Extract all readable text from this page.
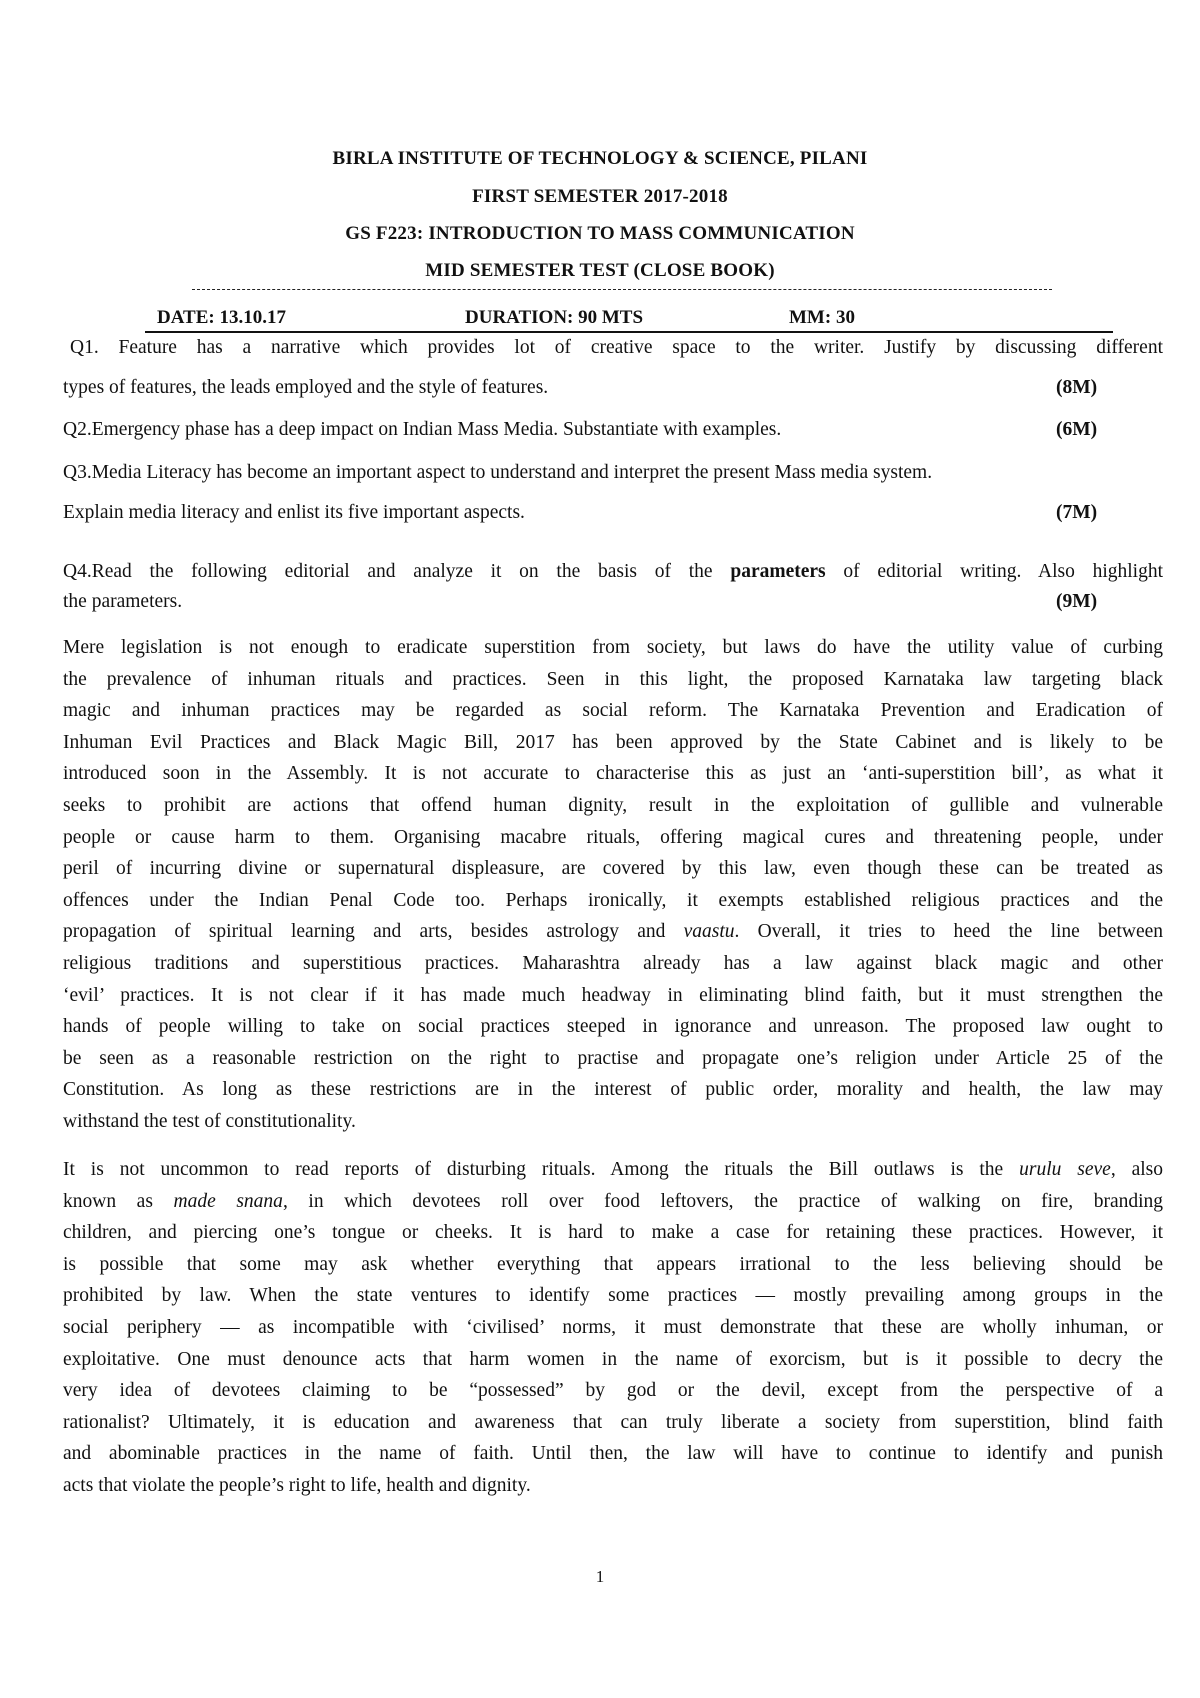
BIRLA INSTITUTE OF TECHNOLOGY & SCIENCE, PILANI
FIRST SEMESTER 2017-2018
GS F223: INTRODUCTION TO MASS COMMUNICATION
MID SEMESTER TEST (CLOSE BOOK)
DATE: 13.10.17	DURATION: 90 MTS	MM: 30
Q1. Feature has a narrative which provides lot of creative space to the writer. Justify by discussing different
types of features, the leads employed and the style of features.	(8M)
Q2.Emergency phase has a deep impact on Indian Mass Media. Substantiate with examples.	(6M)
Q3.Media Literacy has become an important aspect to understand and interpret the present Mass media system.
Explain media literacy and enlist its five important aspects.	(7M)
Q4.Read the following editorial and analyze it on the basis of the parameters of editorial writing. Also highlight
the parameters.	(9M)
Mere legislation is not enough to eradicate superstition from society, but laws do have the utility value of curbing
the prevalence of inhuman rituals and practices. Seen in this light, the proposed Karnataka law targeting black
magic and inhuman practices may be regarded as social reform. The Karnataka Prevention and Eradication of
Inhuman Evil Practices and Black Magic Bill, 2017 has been approved by the State Cabinet and is likely to be
introduced soon in the Assembly. It is not accurate to characterise this as just an ‘anti-superstition bill’, as what it
seeks to prohibit are actions that offend human dignity, result in the exploitation of gullible and vulnerable
people or cause harm to them. Organising macabre rituals, offering magical cures and threatening people, under
peril of incurring divine or supernatural displeasure, are covered by this law, even though these can be treated as
offences under the Indian Penal Code too. Perhaps ironically, it exempts established religious practices and the
propagation of spiritual learning and arts, besides astrology and vaastu. Overall, it tries to heed the line between
religious traditions and superstitious practices. Maharashtra already has a law against black magic and other
‘evil’ practices. It is not clear if it has made much headway in eliminating blind faith, but it must strengthen the
hands of people willing to take on social practices steeped in ignorance and unreason. The proposed law ought to
be seen as a reasonable restriction on the right to practise and propagate one’s religion under Article 25 of the
Constitution. As long as these restrictions are in the interest of public order, morality and health, the law may
withstand the test of constitutionality.
It is not uncommon to read reports of disturbing rituals. Among the rituals the Bill outlaws is the urulu seve, also
known as made snana, in which devotees roll over food leftovers, the practice of walking on fire, branding
children, and piercing one’s tongue or cheeks. It is hard to make a case for retaining these practices. However, it
is possible that some may ask whether everything that appears irrational to the less believing should be
prohibited by law. When the state ventures to identify some practices — mostly prevailing among groups in the
social periphery — as incompatible with ‘civilised’ norms, it must demonstrate that these are wholly inhuman, or
exploitative. One must denounce acts that harm women in the name of exorcism, but is it possible to decry the
very idea of devotees claiming to be “possessed” by god or the devil, except from the perspective of a
rationalist? Ultimately, it is education and awareness that can truly liberate a society from superstition, blind faith
and abominable practices in the name of faith. Until then, the law will have to continue to identify and punish
acts that violate the people’s right to life, health and dignity.
1
